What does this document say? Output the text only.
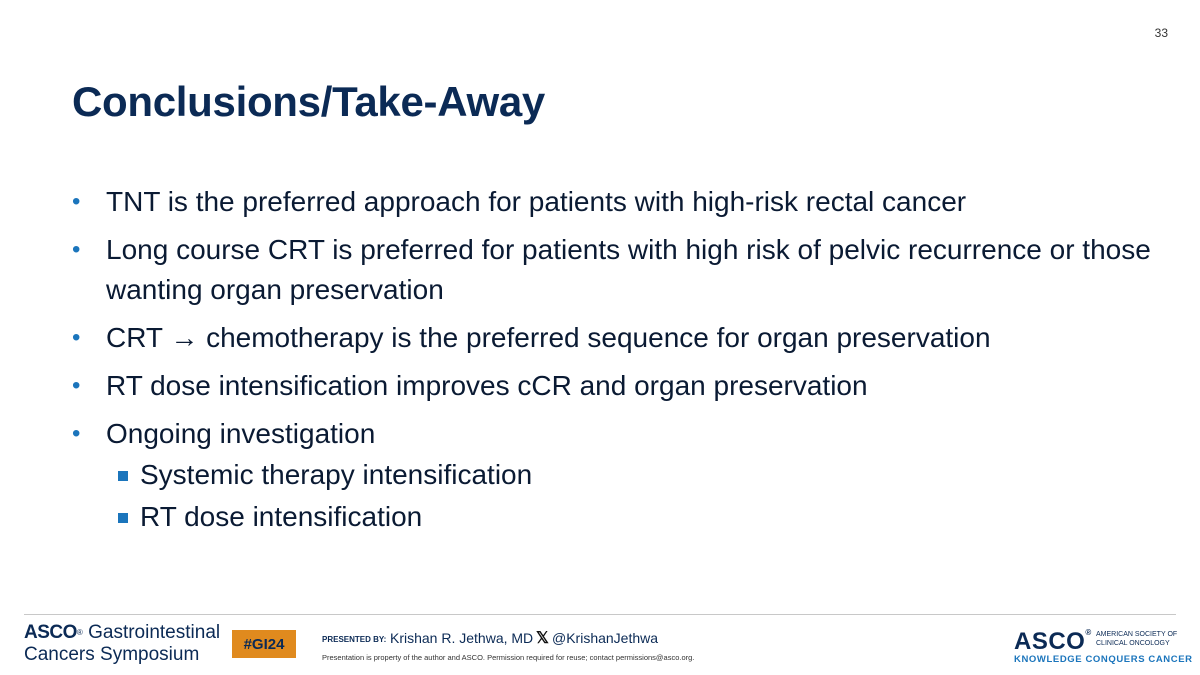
33
Conclusions/Take-Away
• TNT is the preferred approach for patients with high-risk rectal cancer
• Long course CRT is preferred for patients with high risk of pelvic recurrence or those wanting organ preservation
• CRT → chemotherapy is the preferred sequence for organ preservation
• RT dose intensification improves cCR and organ preservation
• Ongoing investigation
Systemic therapy intensification
RT dose intensification
ASCO® Gastrointestinal
Cancers Symposium	#GI24	PRESENTED BY: Krishan R. Jethwa, MD 𝕏 @KrishanJethwa
Presentation is property of the author and ASCO. Permission required for reuse; contact permissions@asco.org.
ASCO® AMERICAN SOCIETY OF
CLINICAL ONCOLOGY
KNOWLEDGE CONQUERS CANCER
